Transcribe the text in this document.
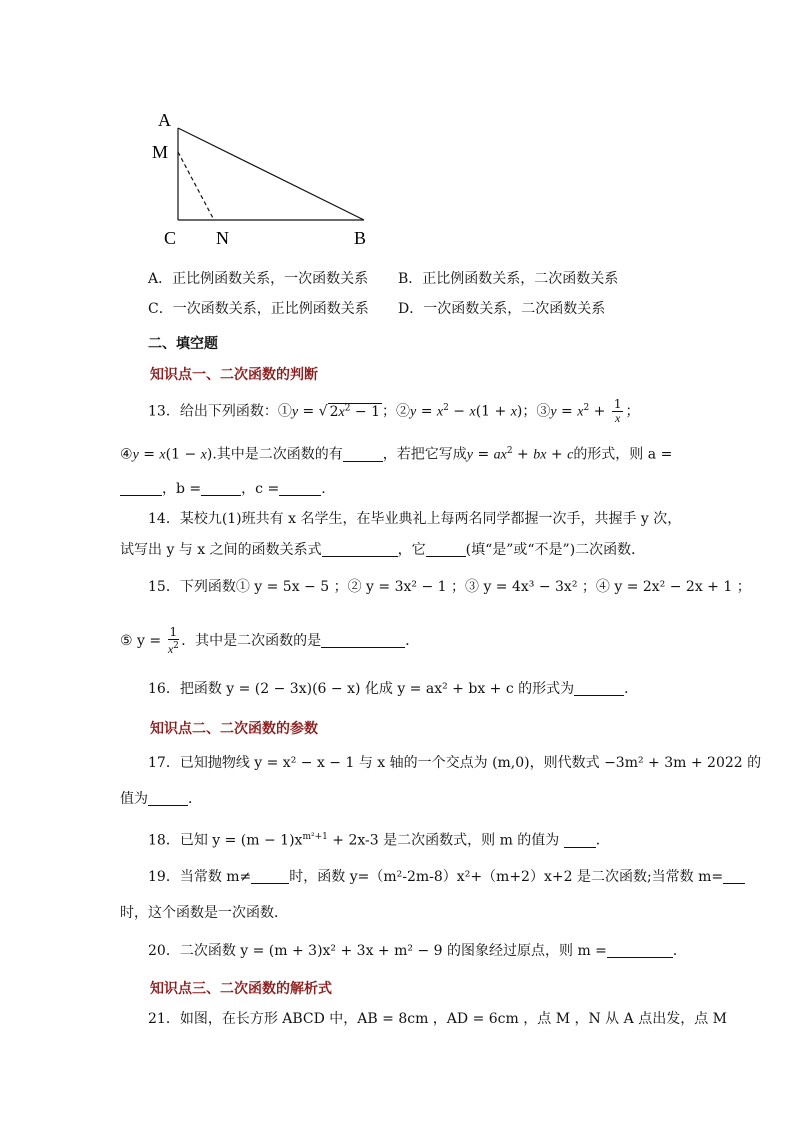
A
M
C N	B
A．正比例函数关系，一次函数关系 B．正比例函数关系，二次函数关系
C．一次函数关系，正比例函数关系 D．一次函数关系，二次函数关系
二、填空题
知识点一、二次函数的判断
13．给出下列函数：①y = √ $2x^2 - 1$ ；②y = $x^2 - x(1 + x)$；③y = $x^2 + \frac{1}{x}$ ；
④y = x(1 − x).其中是二次函数的有	，若把它写成$y = ax^2$ + bx + c的形式，则 a =
，b =	，c =	.
14．某校九(1)班共有 x 名学生，在毕业典礼上每两名同学都握一次手，共握手 y 次，
试写出 y 与 x 之间的函数关系式	，它	(填“是”或“不是”)二次函数．
15．下列函数① y = 5x − 5 ；② y = 3x² − 1 ；③ y = 4x³ − 3x² ；④ y = 2x² − 2x + 1 ；
⑤ $y = \frac{1}{x^2}$ ．其中是二次函数的是	．
16．把函数 y = (2 − 3x)(6 − x) 化成 y = ax² + bx + c 的形式为	．
知识点二、二次函数的参数
17．已知抛物线 y = x² − x − 1 与 x 轴的一个交点为 (m,0)，则代数式 −3m² + 3m + 2022 的
值为	．
18．已知 $y = (m - 1)x^{m^2+1} + 2x-3$ 是二次函数式，则 m 的值为	．
19．当常数 m≠	时，函数 y=（m²-2m-8）x²+（m+2）x+2 是二次函数;当常数 m=
时，这个函数是一次函数．
20．二次函数 y = (m + 3)x² + 3x + m² − 9 的图象经过原点，则 m =	．
知识点三、二次函数的解析式
21．如图，在长方形 ABCD 中，AB = 8cm ，AD = 6cm ，点 M ，N 从 A 点出发，点 M
